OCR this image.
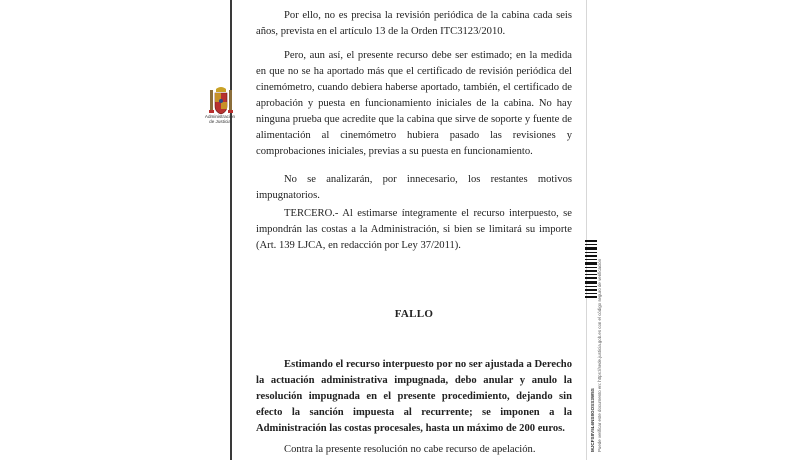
Administración
de Justicia

Por ello, no es precisa la revisión periódica de la cabina cada seis años, prevista en el artículo 13 de la Orden ITC3123/2010.

Pero, aun así, el presente recurso debe ser estimado; en la medida en que no se ha aportado más que el certificado de revisión periódica del cinemómetro, cuando debiera haberse aportado, también, el certificado de aprobación y puesta en funcionamiento iniciales de la cabina. No hay ninguna prueba que acredite que la cabina que sirve de soporte y fuente de alimentación al cinemómetro hubiera pasado las revisiones y comprobaciones iniciales, previas a su puesta en funcionamiento.

No se analizarán, por innecesario, los restantes motivos impugnatorios.

TERCERO.- Al estimarse íntegramente el recurso interpuesto, se impondrán las costas a la Administración, si bien se limitará su importe (Art. 139 LJCA, en redacción por Ley 37/2011).

FALLO

Estimando el recurso interpuesto por no ser ajustada a Derecho la actuación administrativa impugnada, debo anular y anulo la resolución impugnada en el presente procedimiento, dejando sin efecto la sanción impuesta al recurrente; se imponen a la Administración las costas procesales, hasta un máximo de 200 euros.

Contra la presente resolución no cabe recurso de apelación.	MJCFS8V5L6NS8GOSS3W5S Puede verificar este documento en: https://sede.justicia.gob.es con el código seguro de verificación
